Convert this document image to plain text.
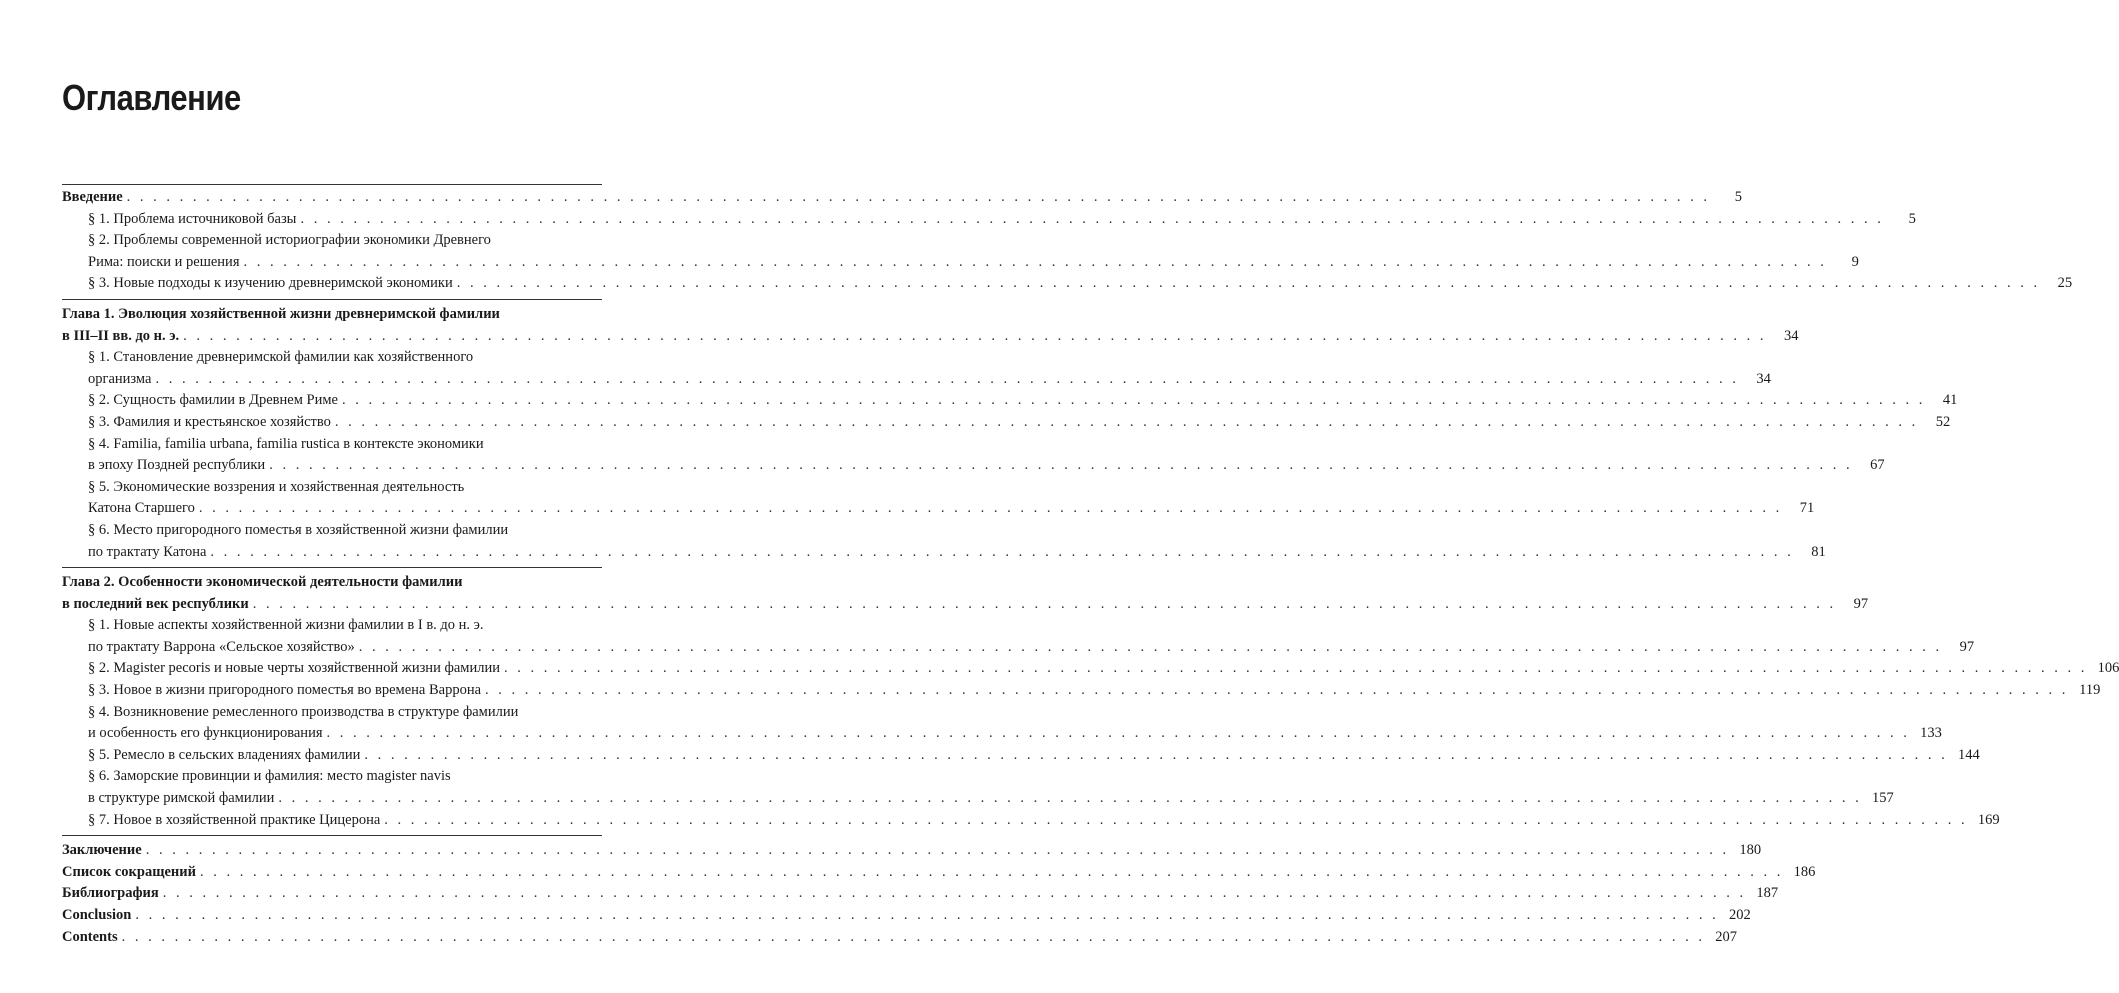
Оглавление
Введение . . . . . . . . . . . . . . . . . . . . . . . . . . . . . . . . . . . . . . . . . . . . . . . . . . . . . . . . . . . . . . . . . . . . . . . . . . . . . . . . . . . . . . . . . . . . . . . . . . . . . . . . . . . . . . . . . . . . . . . .	5
§ 1. Проблема источниковой базы . . . . . . . . . . . . . . . . . . . . . . . . . . . . . . . . . . . . . . . . . . . . . . . . . . . . . . . . . . . . . . . . . . . . . . . . . . . . . . . . . . . . . . . . . . . . . . . . . . . . . . . . . . . . . . . . . . . . . . . .	5
§ 2. Проблемы современной историографии экономики Древнего
Рима: поиски и решения . . . . . . . . . . . . . . . . . . . . . . . . . . . . . . . . . . . . . . . . . . . . . . . . . . . . . . . . . . . . . . . . . . . . . . . . . . . . . . . . . . . . . . . . . . . . . . . . . . . . . . . . . . . . . . . . . . . . . . . .	9
§ 3. Новые подходы к изучению древнеримской экономики . . . . . . . . . . . . . . . . . . . . . . . . . . . . . . . . . . . . . . . . . . . . . . . . . . . . . . . . . . . . . . . . . . . . . . . . . . . . . . . . . . . . . . . . . . . . . . . . . . . . . . . . . . . . . . . . . . . . . . . .	25
Глава 1. Эволюция хозяйственной жизни древнеримской фамилии
в III–II вв. до н. э. . . . . . . . . . . . . . . . . . . . . . . . . . . . . . . . . . . . . . . . . . . . . . . . . . . . . . . . . . . . . . . . . . . . . . . . . . . . . . . . . . . . . . . . . . . . . . . . . . . . . . . . . . . . . . . . . . . . . . . . .	34
§ 1. Становление древнеримской фамилии как хозяйственного
организма . . . . . . . . . . . . . . . . . . . . . . . . . . . . . . . . . . . . . . . . . . . . . . . . . . . . . . . . . . . . . . . . . . . . . . . . . . . . . . . . . . . . . . . . . . . . . . . . . . . . . . . . . . . . . . . . . . . . . . . .	34
§ 2. Сущность фамилии в Древнем Риме . . . . . . . . . . . . . . . . . . . . . . . . . . . . . . . . . . . . . . . . . . . . . . . . . . . . . . . . . . . . . . . . . . . . . . . . . . . . . . . . . . . . . . . . . . . . . . . . . . . . . . . . . . . . . . . . . . . . . . . .	41
§ 3. Фамилия и крестьянское хозяйство . . . . . . . . . . . . . . . . . . . . . . . . . . . . . . . . . . . . . . . . . . . . . . . . . . . . . . . . . . . . . . . . . . . . . . . . . . . . . . . . . . . . . . . . . . . . . . . . . . . . . . . . . . . . . . . . . . . . . . . .	52
§ 4. Familia, familia urbana, familia rustica в контексте экономики
в эпоху Поздней республики . . . . . . . . . . . . . . . . . . . . . . . . . . . . . . . . . . . . . . . . . . . . . . . . . . . . . . . . . . . . . . . . . . . . . . . . . . . . . . . . . . . . . . . . . . . . . . . . . . . . . . . . . . . . . . . . . . . . . . . .	67
§ 5. Экономические воззрения и хозяйственная деятельность
Катона Старшего . . . . . . . . . . . . . . . . . . . . . . . . . . . . . . . . . . . . . . . . . . . . . . . . . . . . . . . . . . . . . . . . . . . . . . . . . . . . . . . . . . . . . . . . . . . . . . . . . . . . . . . . . . . . . . . . . . . . . . . .	71
§ 6. Место пригородного поместья в хозяйственной жизни фамилии
по трактату Катона . . . . . . . . . . . . . . . . . . . . . . . . . . . . . . . . . . . . . . . . . . . . . . . . . . . . . . . . . . . . . . . . . . . . . . . . . . . . . . . . . . . . . . . . . . . . . . . . . . . . . . . . . . . . . . . . . . . . . . . .	81
Глава 2. Особенности экономической деятельности фамилии
в последний век республики . . . . . . . . . . . . . . . . . . . . . . . . . . . . . . . . . . . . . . . . . . . . . . . . . . . . . . . . . . . . . . . . . . . . . . . . . . . . . . . . . . . . . . . . . . . . . . . . . . . . . . . . . . . . . . . . . . . . . . . .	97
§ 1. Новые аспекты хозяйственной жизни фамилии в I в. до н. э.
по трактату Варрона «Сельское хозяйство» . . . . . . . . . . . . . . . . . . . . . . . . . . . . . . . . . . . . . . . . . . . . . . . . . . . . . . . . . . . . . . . . . . . . . . . . . . . . . . . . . . . . . . . . . . . . . . . . . . . . . . . . . . . . . . . . . . . . . . . .	97
§ 2. Magister pecoris и новые черты хозяйственной жизни фамилии . . . . . . . . . . . . . . . . . . . . . . . . . . . . . . . . . . . . . . . . . . . . . . . . . . . . . . . . . . . . . . . . . . . . . . . . . . . . . . . . . . . . . . . . . . . . . . . . . . . . . . . . . . . . . . . . . . . . . . . . 106
§ 3. Новое в жизни пригородного поместья во времена Варрона . . . . . . . . . . . . . . . . . . . . . . . . . . . . . . . . . . . . . . . . . . . . . . . . . . . . . . . . . . . . . . . . . . . . . . . . . . . . . . . . . . . . . . . . . . . . . . . . . . . . . . . . . . . . . . . . . . . . . . . . 119
§ 4. Возникновение ремесленного производства в структуре фамилии
и особенность его функционирования . . . . . . . . . . . . . . . . . . . . . . . . . . . . . . . . . . . . . . . . . . . . . . . . . . . . . . . . . . . . . . . . . . . . . . . . . . . . . . . . . . . . . . . . . . . . . . . . . . . . . . . . . . . . . . . . . . . . . . . . 133
§ 5. Ремесло в сельских владениях фамилии . . . . . . . . . . . . . . . . . . . . . . . . . . . . . . . . . . . . . . . . . . . . . . . . . . . . . . . . . . . . . . . . . . . . . . . . . . . . . . . . . . . . . . . . . . . . . . . . . . . . . . . . . . . . . . . . . . . . . . . . 144
§ 6. Заморские провинции и фамилия: место magister navis
в структуре римской фамилии . . . . . . . . . . . . . . . . . . . . . . . . . . . . . . . . . . . . . . . . . . . . . . . . . . . . . . . . . . . . . . . . . . . . . . . . . . . . . . . . . . . . . . . . . . . . . . . . . . . . . . . . . . . . . . . . . . . . . . . . 157
§ 7. Новое в хозяйственной практике Цицерона . . . . . . . . . . . . . . . . . . . . . . . . . . . . . . . . . . . . . . . . . . . . . . . . . . . . . . . . . . . . . . . . . . . . . . . . . . . . . . . . . . . . . . . . . . . . . . . . . . . . . . . . . . . . . . . . . . . . . . . . 169
Заключение . . . . . . . . . . . . . . . . . . . . . . . . . . . . . . . . . . . . . . . . . . . . . . . . . . . . . . . . . . . . . . . . . . . . . . . . . . . . . . . . . . . . . . . . . . . . . . . . . . . . . . . . . . . . . . . . . . . . . . . . 180
Список сокращений . . . . . . . . . . . . . . . . . . . . . . . . . . . . . . . . . . . . . . . . . . . . . . . . . . . . . . . . . . . . . . . . . . . . . . . . . . . . . . . . . . . . . . . . . . . . . . . . . . . . . . . . . . . . . . . . . . . . . . . . 186
Библиография . . . . . . . . . . . . . . . . . . . . . . . . . . . . . . . . . . . . . . . . . . . . . . . . . . . . . . . . . . . . . . . . . . . . . . . . . . . . . . . . . . . . . . . . . . . . . . . . . . . . . . . . . . . . . . . . . . . . . . . . 187
Conclusion . . . . . . . . . . . . . . . . . . . . . . . . . . . . . . . . . . . . . . . . . . . . . . . . . . . . . . . . . . . . . . . . . . . . . . . . . . . . . . . . . . . . . . . . . . . . . . . . . . . . . . . . . . . . . . . . . . . . . . . . 202
Contents . . . . . . . . . . . . . . . . . . . . . . . . . . . . . . . . . . . . . . . . . . . . . . . . . . . . . . . . . . . . . . . . . . . . . . . . . . . . . . . . . . . . . . . . . . . . . . . . . . . . . . . . . . . . . . . . . . . . . . . . 207
